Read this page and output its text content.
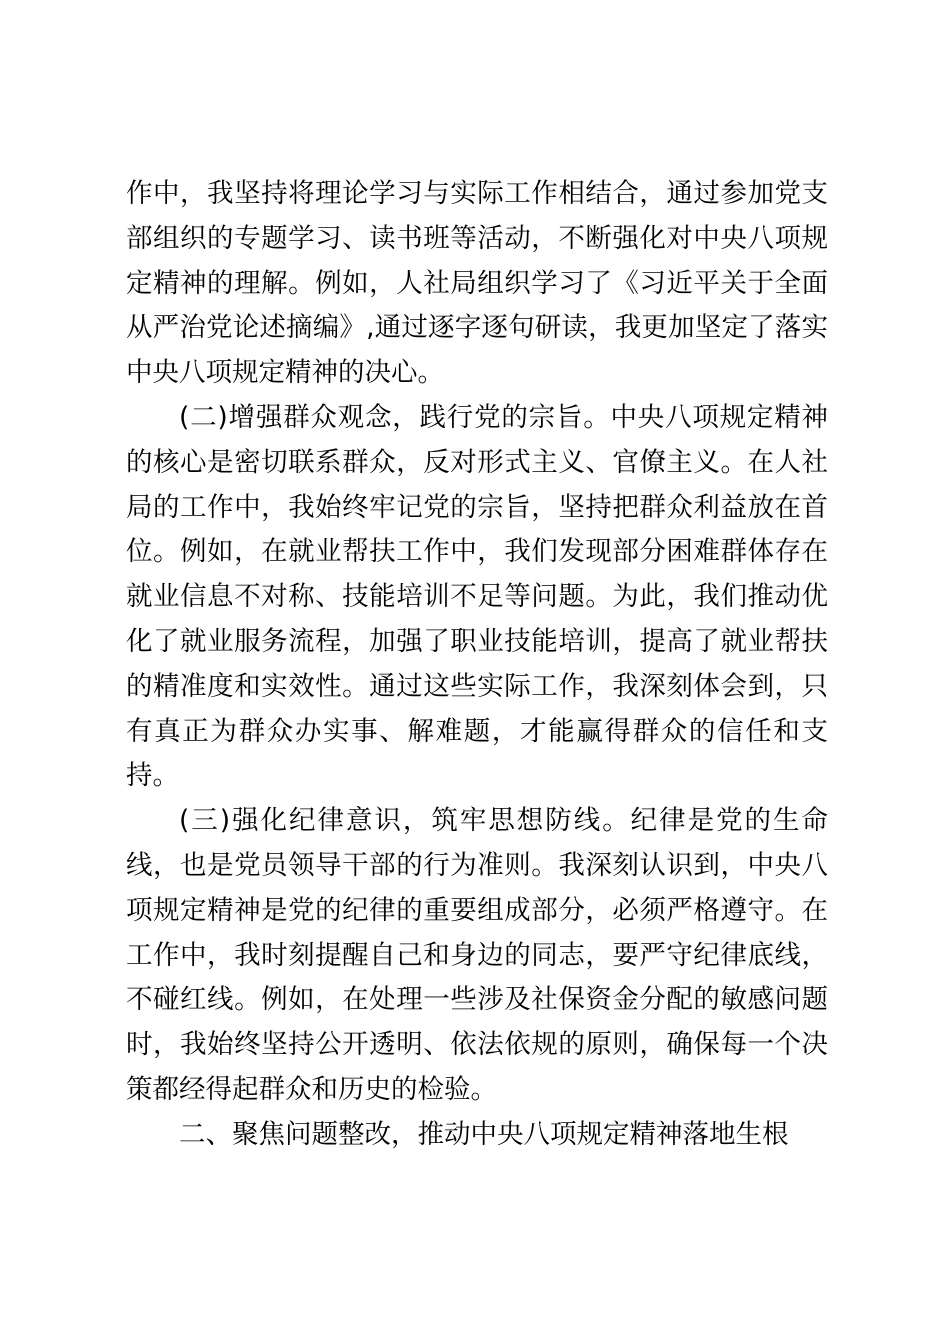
作中，我坚持将理论学习与实际工作相结合，通过参加党支部组织的专题学习、读书班等活动，不断强化对中央八项规定精神的理解。例如，人社局组织学习了《习近平关于全面从严治党论述摘编》,通过逐字逐句研读，我更加坚定了落实中央八项规定精神的决心。

(二)增强群众观念，践行党的宗旨。中央八项规定精神的核心是密切联系群众，反对形式主义、官僚主义。在人社局的工作中，我始终牢记党的宗旨，坚持把群众利益放在首位。例如，在就业帮扶工作中，我们发现部分困难群体存在就业信息不对称、技能培训不足等问题。为此，我们推动优化了就业服务流程，加强了职业技能培训，提高了就业帮扶的精准度和实效性。通过这些实际工作，我深刻体会到，只有真正为群众办实事、解难题，才能赢得群众的信任和支持。

(三)强化纪律意识，筑牢思想防线。纪律是党的生命线，也是党员领导干部的行为准则。我深刻认识到，中央八项规定精神是党的纪律的重要组成部分，必须严格遵守。在工作中，我时刻提醒自己和身边的同志，要严守纪律底线，不碰红线。例如，在处理一些涉及社保资金分配的敏感问题时，我始终坚持公开透明、依法依规的原则，确保每一个决策都经得起群众和历史的检验。

二、聚焦问题整改，推动中央八项规定精神落地生根
